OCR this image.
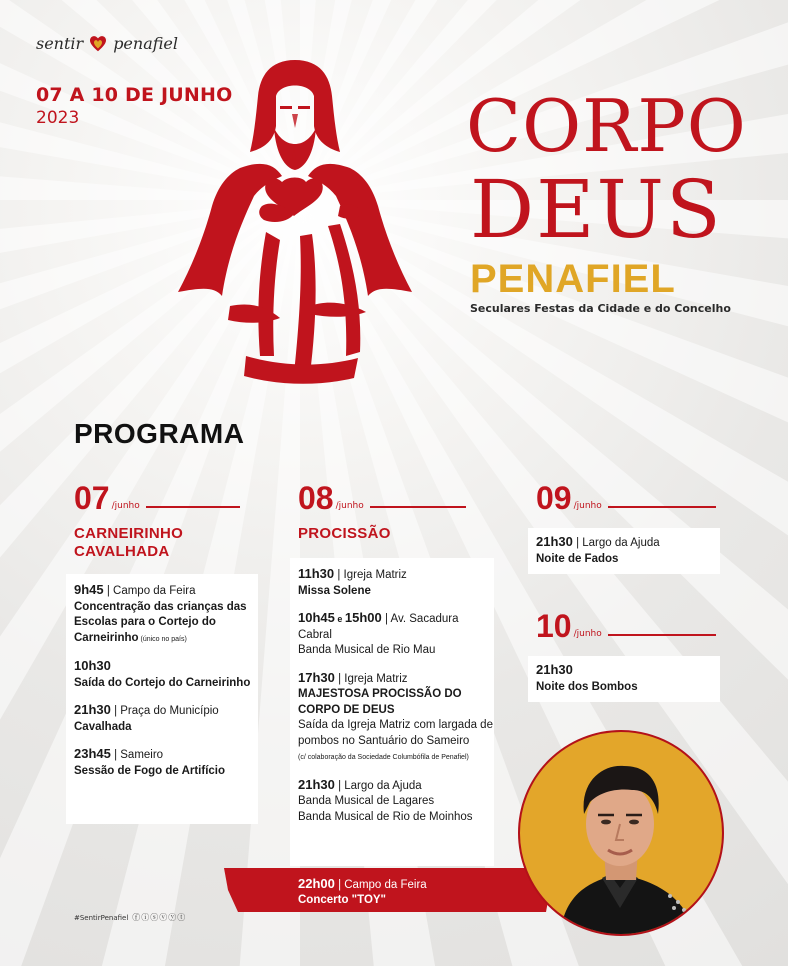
sentir penafiel
07 A 10 DE JUNHO
2023	CORPO
DEUS
PENAFIEL
Seculares Festas da Cidade e do Concelho
PROGRAMA
07 /junho
CARNEIRINHO
CAVALHADA
9h45 | Campo da Feira
Concentração das crianças das Escolas para o Cortejo do Carneirinho (único no país)
10h30
Saída do Cortejo do Carneirinho
21h30 | Praça do Município
Cavalhada
23h45 | Sameiro
Sessão de Fogo de Artifício
08 /junho
PROCISSÃO
11h30 | Igreja Matriz
Missa Solene
10h45 e 15h00 | Av. Sacadura Cabral
Banda Musical de Rio Mau
17h30 | Igreja Matriz
MAJESTOSA PROCISSÃO DO CORPO DE DEUS
Saída da Igreja Matriz com largada de pombos no Santuário do Sameiro
(c/ colaboração da Sociedade Columbófila de Penafiel)
21h30 | Largo da Ajuda
Banda Musical de Lagares
Banda Musical de Rio de Moinhos
22h00 | Campo da Feira
Concerto "TOY"
09 /junho
21h30 | Largo da Ajuda
Noite de Fados
10 /junho
21h30
Noite dos Bombos
#SentirPenafiel ⓕⓘⓢⓥⓨⓣ
